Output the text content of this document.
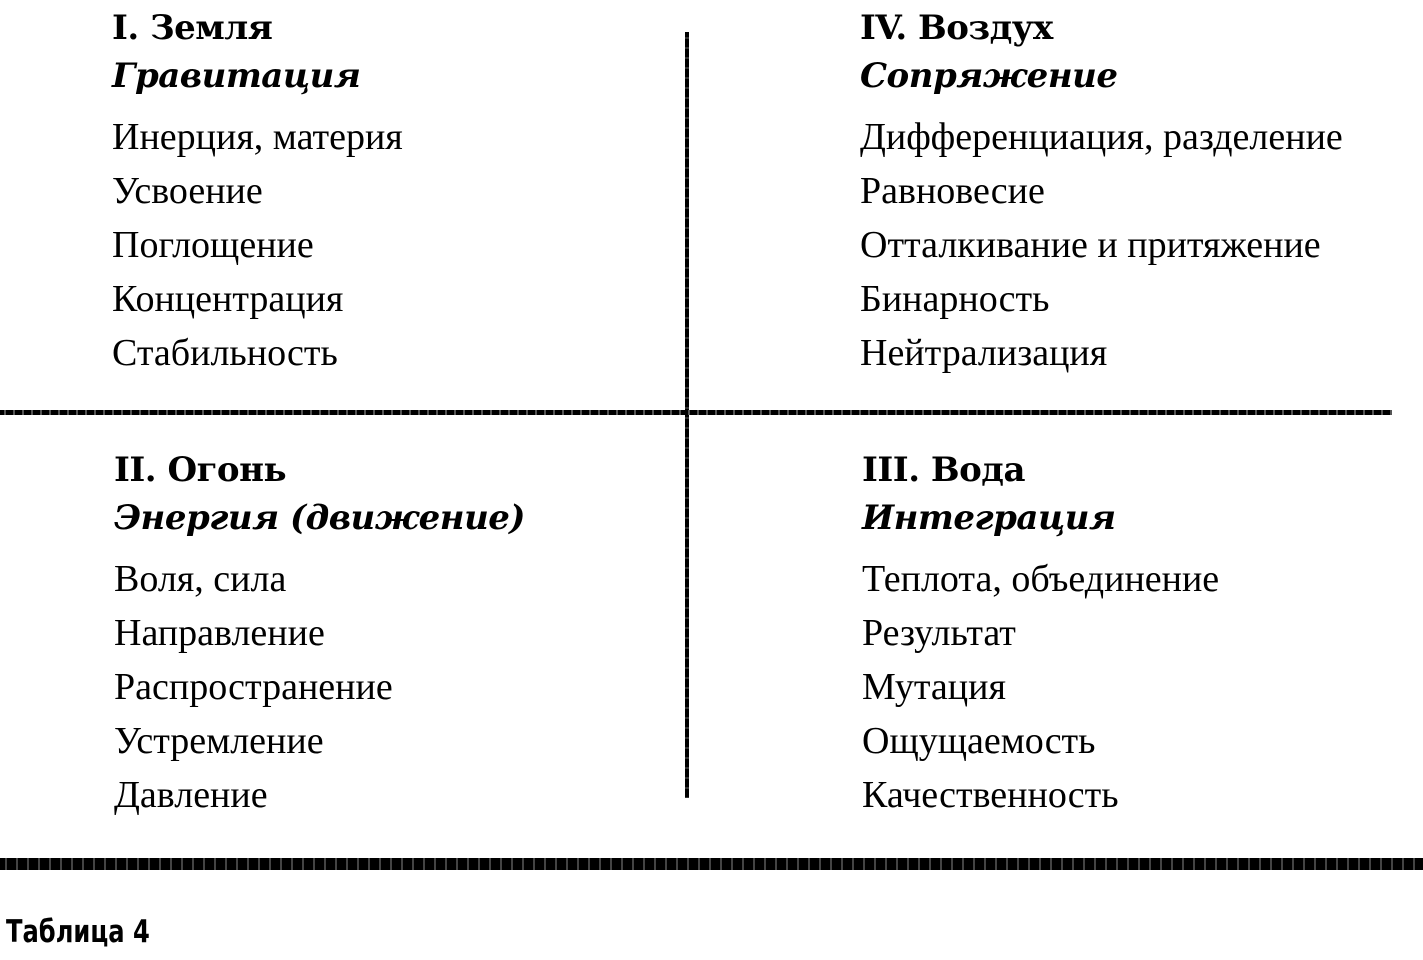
I. Земля
Гравитация
Инерция, материя
Усвоение
Поглощение
Концентрация
Стабильность
IV. Воздух
Сопряжение
Дифференциация, разделение
Равновесие
Отталкивание и притяжение
Бинарность
Нейтрализация
II. Огонь
Энергия (движение)
Воля, сила
Направление
Распространение
Устремление
Давление
III. Вода
Интеграция
Теплота, объединение
Результат
Мутация
Ощущаемость
Качественность
Таблица 4
